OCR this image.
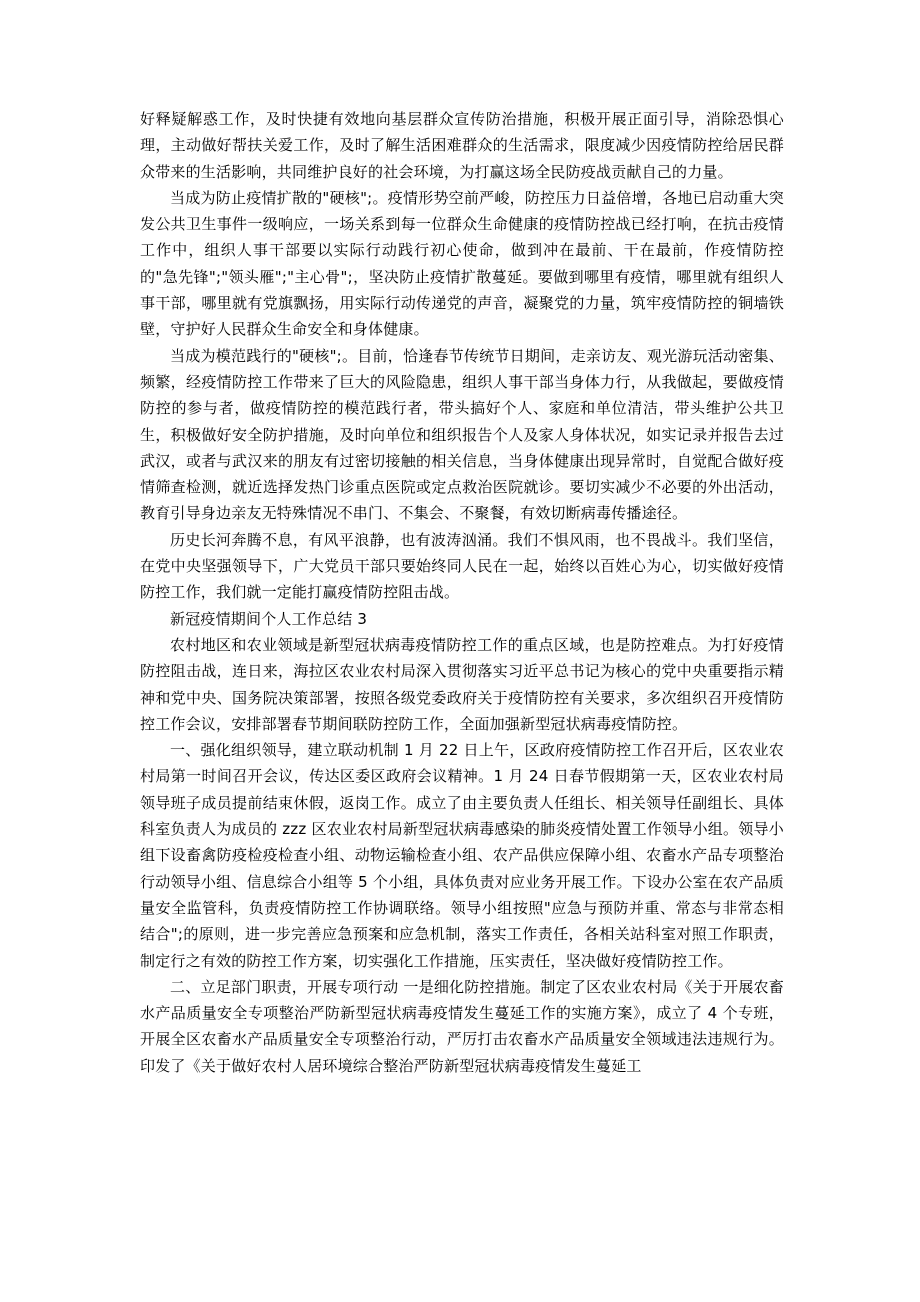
好释疑解惑工作，及时快捷有效地向基层群众宣传防治措施，积极开展正面引导，消除恐惧心理，主动做好帮扶关爱工作，及时了解生活困难群众的生活需求，限度减少因疫情防控给居民群众带来的生活影响，共同维护良好的社会环境，为打赢这场全民防疫战贡献自己的力量。

当成为防止疫情扩散的"硬核";。疫情形势空前严峻，防控压力日益倍增，各地已启动重大突发公共卫生事件一级响应，一场关系到每一位群众生命健康的疫情防控战已经打响，在抗击疫情工作中，组织人事干部要以实际行动践行初心使命，做到冲在最前、干在最前，作疫情防控的"急先锋";"领头雁";"主心骨";，坚决防止疫情扩散蔓延。要做到哪里有疫情，哪里就有组织人事干部，哪里就有党旗飘扬，用实际行动传递党的声音，凝聚党的力量，筑牢疫情防控的铜墙铁壁，守护好人民群众生命安全和身体健康。

当成为模范践行的"硬核";。目前，恰逢春节传统节日期间，走亲访友、观光游玩活动密集、频繁，经疫情防控工作带来了巨大的风险隐患，组织人事干部当身体力行，从我做起，要做疫情防控的参与者，做疫情防控的模范践行者，带头搞好个人、家庭和单位清洁，带头维护公共卫生，积极做好安全防护措施，及时向单位和组织报告个人及家人身体状况，如实记录并报告去过武汉，或者与武汉来的朋友有过密切接触的相关信息，当身体健康出现异常时，自觉配合做好疫情筛查检测，就近选择发热门诊重点医院或定点救治医院就诊。要切实减少不必要的外出活动，教育引导身边亲友无特殊情况不串门、不集会、不聚餐，有效切断病毒传播途径。

历史长河奔腾不息，有风平浪静，也有波涛汹涌。我们不惧风雨，也不畏战斗。我们坚信，在党中央坚强领导下，广大党员干部只要始终同人民在一起，始终以百姓心为心，切实做好疫情防控工作，我们就一定能打赢疫情防控阻击战。

新冠疫情期间个人工作总结 3

农村地区和农业领域是新型冠状病毒疫情防控工作的重点区域，也是防控难点。为打好疫情防控阻击战，连日来，海拉区农业农村局深入贯彻落实习近平总书记为核心的党中央重要指示精神和党中央、国务院决策部署，按照各级党委政府关于疫情防控有关要求，多次组织召开疫情防控工作会议，安排部署春节期间联防控防工作，全面加强新型冠状病毒疫情防控。

一、强化组织领导，建立联动机制 1 月 22 日上午，区政府疫情防控工作召开后，区农业农村局第一时间召开会议，传达区委区政府会议精神。1 月 24 日春节假期第一天，区农业农村局领导班子成员提前结束休假，返岗工作。成立了由主要负责人任组长、相关领导任副组长、具体科室负责人为成员的 zzz 区农业农村局新型冠状病毒感染的肺炎疫情处置工作领导小组。领导小组下设畜禽防疫检疫检查小组、动物运输检查小组、农产品供应保障小组、农畜水产品专项整治行动领导小组、信息综合小组等 5 个小组，具体负责对应业务开展工作。下设办公室在农产品质量安全监管科，负责疫情防控工作协调联络。领导小组按照"应急与预防并重、常态与非常态相结合";的原则，进一步完善应急预案和应急机制，落实工作责任，各相关站科室对照工作职责，制定行之有效的防控工作方案，切实强化工作措施，压实责任，坚决做好疫情防控工作。

二、立足部门职责，开展专项行动 一是细化防控措施。制定了区农业农村局《关于开展农畜水产品质量安全专项整治严防新型冠状病毒疫情发生蔓延工作的实施方案》，成立了 4 个专班，开展全区农畜水产品质量安全专项整治行动，严厉打击农畜水产品质量安全领域违法违规行为。印发了《关于做好农村人居环境综合整治严防新型冠状病毒疫情发生蔓延工
